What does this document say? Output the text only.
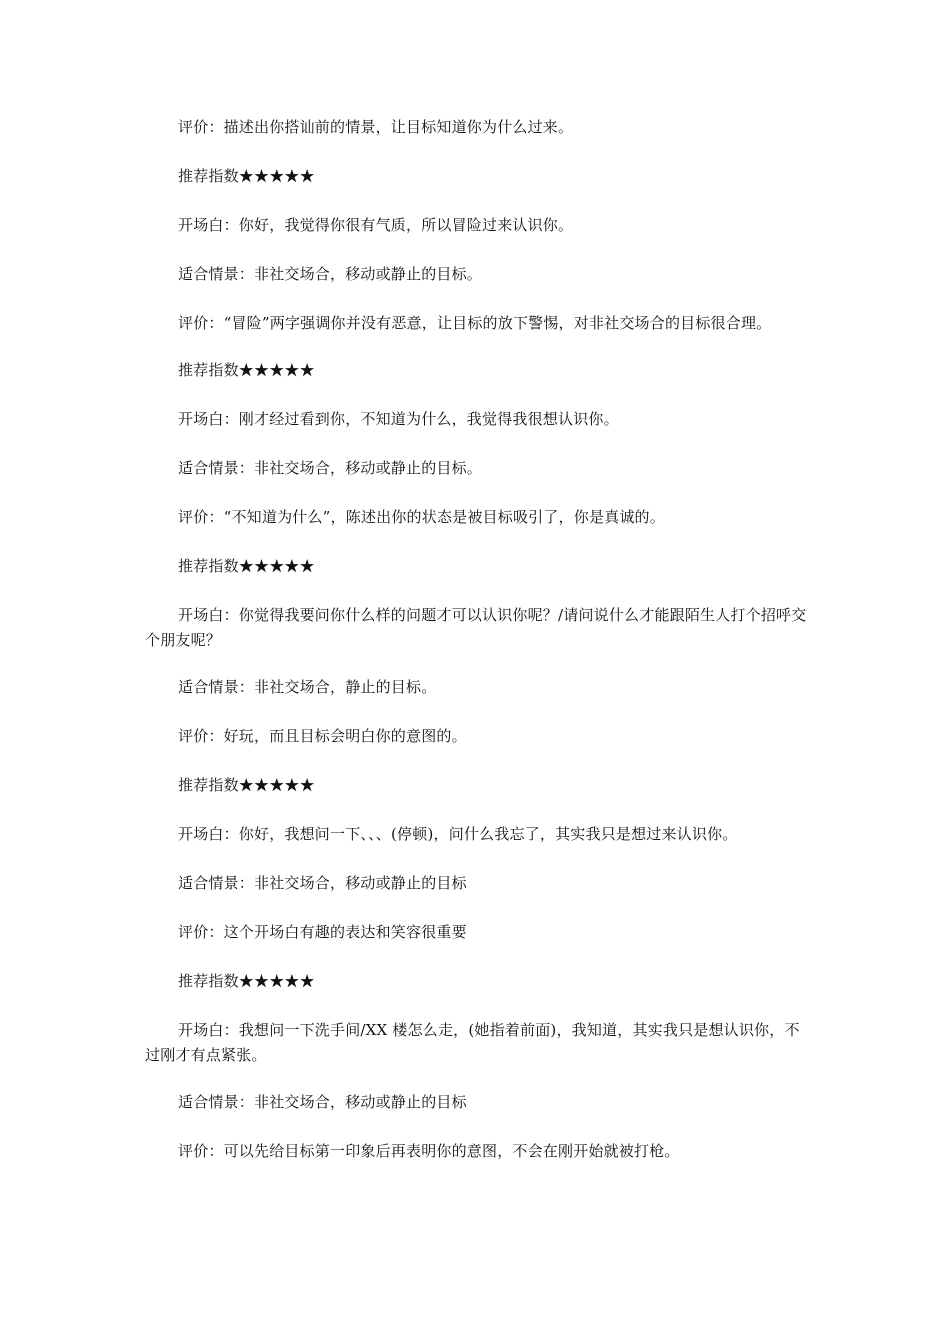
评价：描述出你搭讪前的情景，让目标知道你为什么过来。

推荐指数★★★★★

开场白：你好，我觉得你很有气质，所以冒险过来认识你。

适合情景：非社交场合，移动或静止的目标。

评价：“冒险”两字强调你并没有恶意，让目标的放下警惕，对非社交场合的目标很合理。

推荐指数★★★★★

开场白：刚才经过看到你，不知道为什么，我觉得我很想认识你。

适合情景：非社交场合，移动或静止的目标。

评价：“不知道为什么”，陈述出你的状态是被目标吸引了，你是真诚的。

推荐指数★★★★★

开场白：你觉得我要问你什么样的问题才可以认识你呢？/请问说什么才能跟陌生人打个招呼交个朋友呢？

适合情景：非社交场合，静止的目标。

评价：好玩，而且目标会明白你的意图的。

推荐指数★★★★★

开场白：你好，我想问一下、、、(停顿)，问什么我忘了，其实我只是想过来认识你。

适合情景：非社交场合，移动或静止的目标

评价：这个开场白有趣的表达和笑容很重要

推荐指数★★★★★

开场白：我想问一下洗手间/XX 楼怎么走，(她指着前面)，我知道，其实我只是想认识你，不过刚才有点紧张。

适合情景：非社交场合，移动或静止的目标

评价：可以先给目标第一印象后再表明你的意图，不会在刚开始就被打枪。
